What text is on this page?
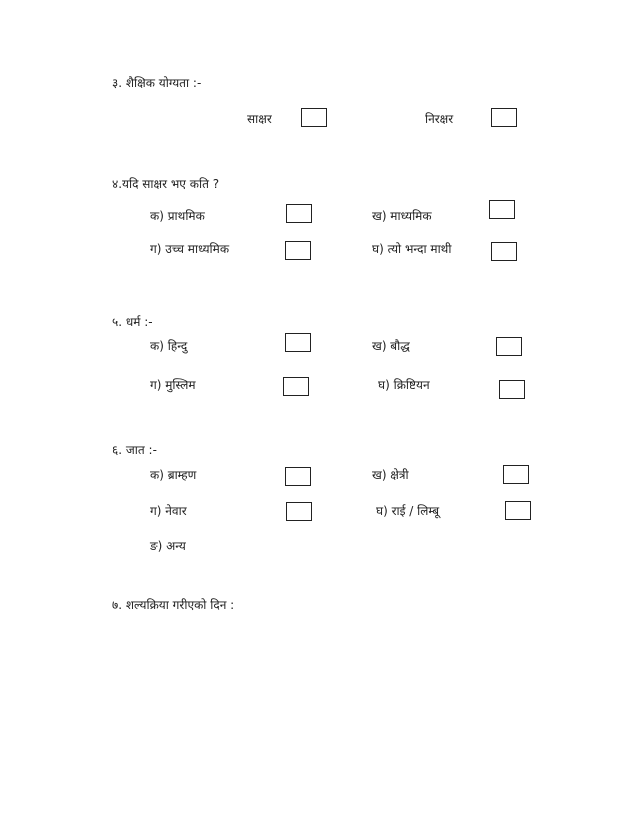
३. शैक्षिक योग्यता :-
साक्षर	निरक्षर
४.यदि साक्षर भए कति ?
क) प्राथमिक	ख) माध्यमिक
ग) उच्च माध्यमिक	घ) त्यो भन्दा माथी
५. धर्म :-
क) हिन्दु	ख) बौद्ध
ग) मुस्लिम	घ) क्रिष्टियन
६. जात :-
क) ब्राम्हण	ख) क्षेत्री
ग) नेवार	घ) राई / लिम्बू
ङ) अन्य
७. शल्यक्रिया गरीएको दिन :
